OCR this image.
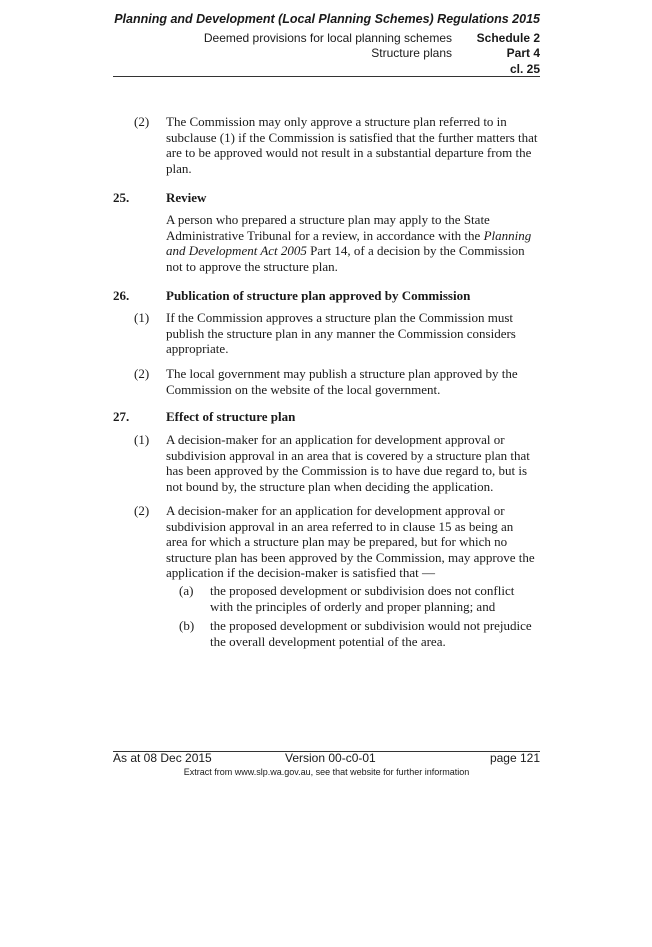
Planning and Development (Local Planning Schemes) Regulations 2015
Deemed provisions for local planning schemes Schedule 2
Structure plans	Part 4
cl. 25
(2) The Commission may only approve a structure plan referred to in subclause (1) if the Commission is satisfied that the further matters that are to be approved would not result in a substantial departure from the plan.
25.	Review
A person who prepared a structure plan may apply to the State Administrative Tribunal for a review, in accordance with the Planning and Development Act 2005 Part 14, of a decision by the Commission not to approve the structure plan.
26.	Publication of structure plan approved by Commission
(1) If the Commission approves a structure plan the Commission must publish the structure plan in any manner the Commission considers appropriate.
(2) The local government may publish a structure plan approved by the Commission on the website of the local government.
27.	Effect of structure plan
(1) A decision-maker for an application for development approval or subdivision approval in an area that is covered by a structure plan that has been approved by the Commission is to have due regard to, but is not bound by, the structure plan when deciding the application.
(2) A decision-maker for an application for development approval or subdivision approval in an area referred to in clause 15 as being an area for which a structure plan may be prepared, but for which no structure plan has been approved by the Commission, may approve the application if the decision-maker is satisfied that —
(a) the proposed development or subdivision does not conflict with the principles of orderly and proper planning; and
(b) the proposed development or subdivision would not prejudice the overall development potential of the area.
As at 08 Dec 2015	Version 00-c0-01	page 121
Extract from www.slp.wa.gov.au, see that website for further information
